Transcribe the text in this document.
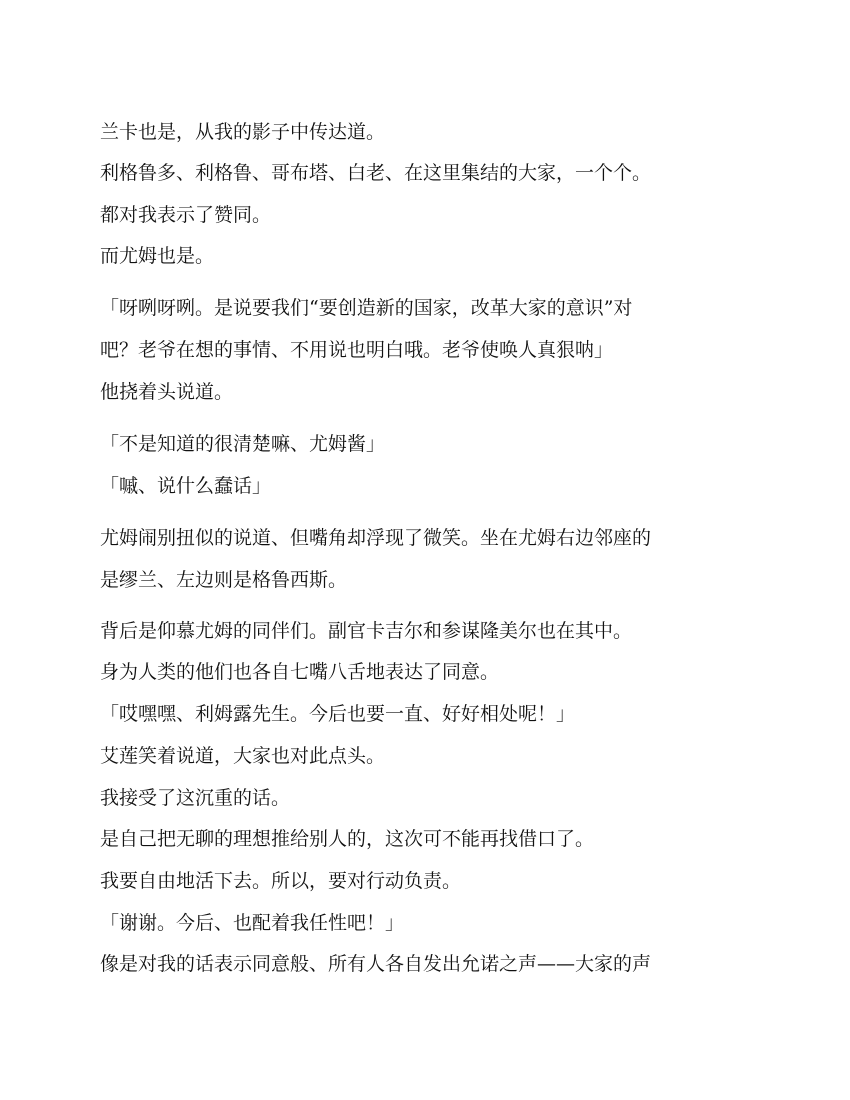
兰卡也是，从我的影子中传达道。

利格鲁多、利格鲁、哥布塔、白老、在这里集结的大家，一个个。

都对我表示了赞同。

而尤姆也是。

「呀咧呀咧。是说要我们“要创造新的国家，改革大家的意识”对

吧？老爷在想的事情、不用说也明白哦。老爷使唤人真狠呐」

他挠着头说道。

「不是知道的很清楚嘛、尤姆酱」

「嘁、说什么蠢话」

尤姆闹别扭似的说道、但嘴角却浮现了微笑。坐在尤姆右边邻座的

是缪兰、左边则是格鲁西斯。

背后是仰慕尤姆的同伴们。副官卡吉尔和参谋隆美尔也在其中。

身为人类的他们也各自七嘴八舌地表达了同意。

「哎嘿嘿、利姆露先生。今后也要一直、好好相处呢！」

艾莲笑着说道，大家也对此点头。

我接受了这沉重的话。

是自己把无聊的理想推给别人的，这次可不能再找借口了。

我要自由地活下去。所以，要对行动负责。

「谢谢。今后、也配着我任性吧！」

像是对我的话表示同意般、所有人各自发出允诺之声——大家的声
